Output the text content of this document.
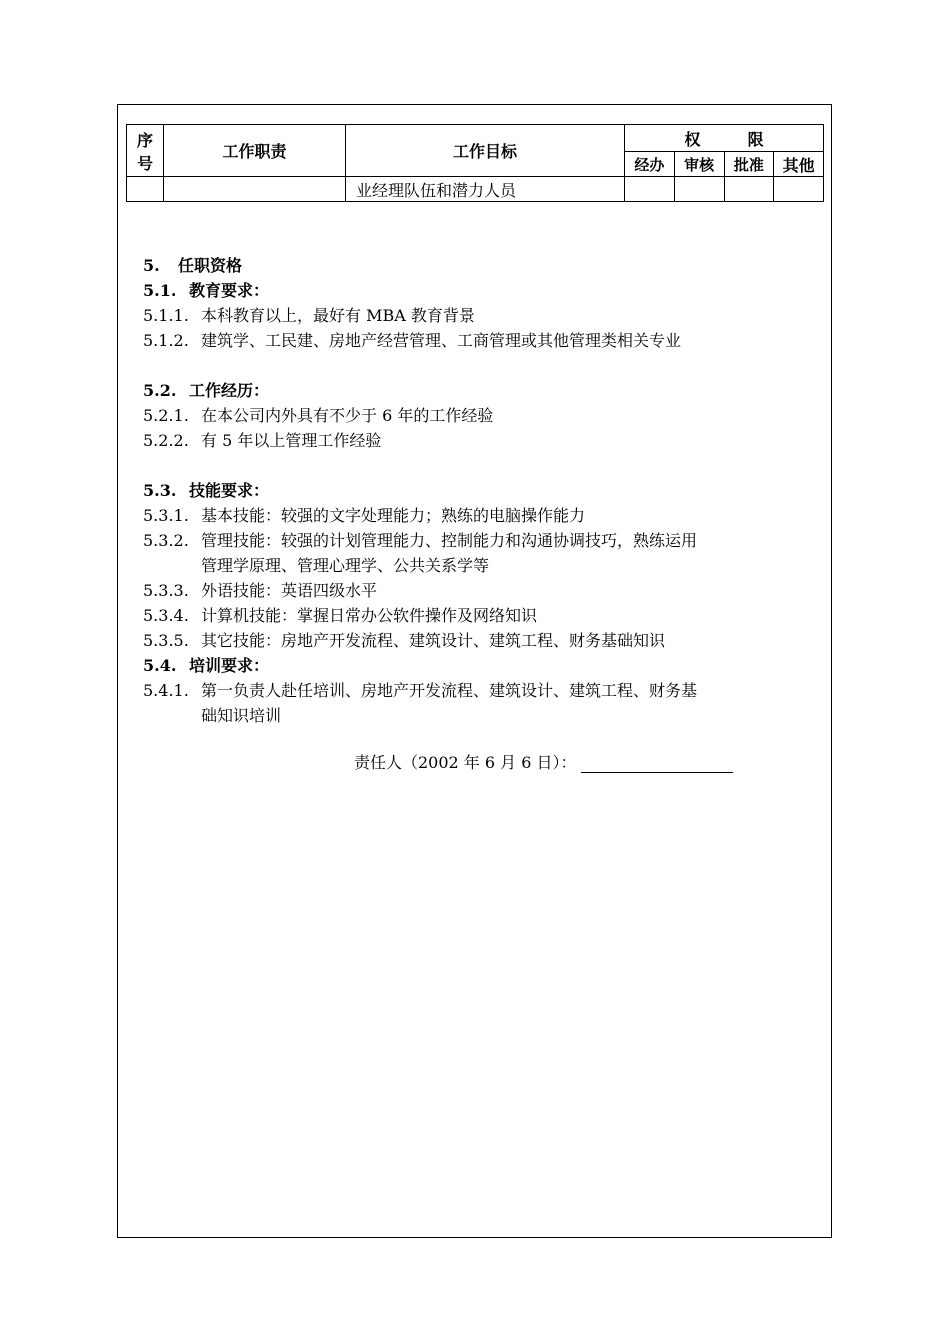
序
号	工作职责	工作目标	权 限			
			经办	审核	批准	其他
		业经理队伍和潜力人员				
5. 任职资格
5.1. 教育要求：
5.1.1. 本科教育以上，最好有 MBA 教育背景
5.1.2. 建筑学、工民建、房地产经营管理、工商管理或其他管理类相关专业
5.2. 工作经历：
5.2.1. 在本公司内外具有不少于 6 年的工作经验
5.2.2. 有 5 年以上管理工作经验
5.3. 技能要求：
5.3.1. 基本技能：较强的文字处理能力；熟练的电脑操作能力
5.3.2. 管理技能：较强的计划管理能力、控制能力和沟通协调技巧，熟练运用
管理学原理、管理心理学、公共关系学等
5.3.3. 外语技能：英语四级水平
5.3.4. 计算机技能：掌握日常办公软件操作及网络知识
5.3.5. 其它技能：房地产开发流程、建筑设计、建筑工程、财务基础知识
5.4. 培训要求：
5.4.1. 第一负责人赴任培训、房地产开发流程、建筑设计、建筑工程、财务基
础知识培训
责任人（2002 年 6 月 6 日）：
